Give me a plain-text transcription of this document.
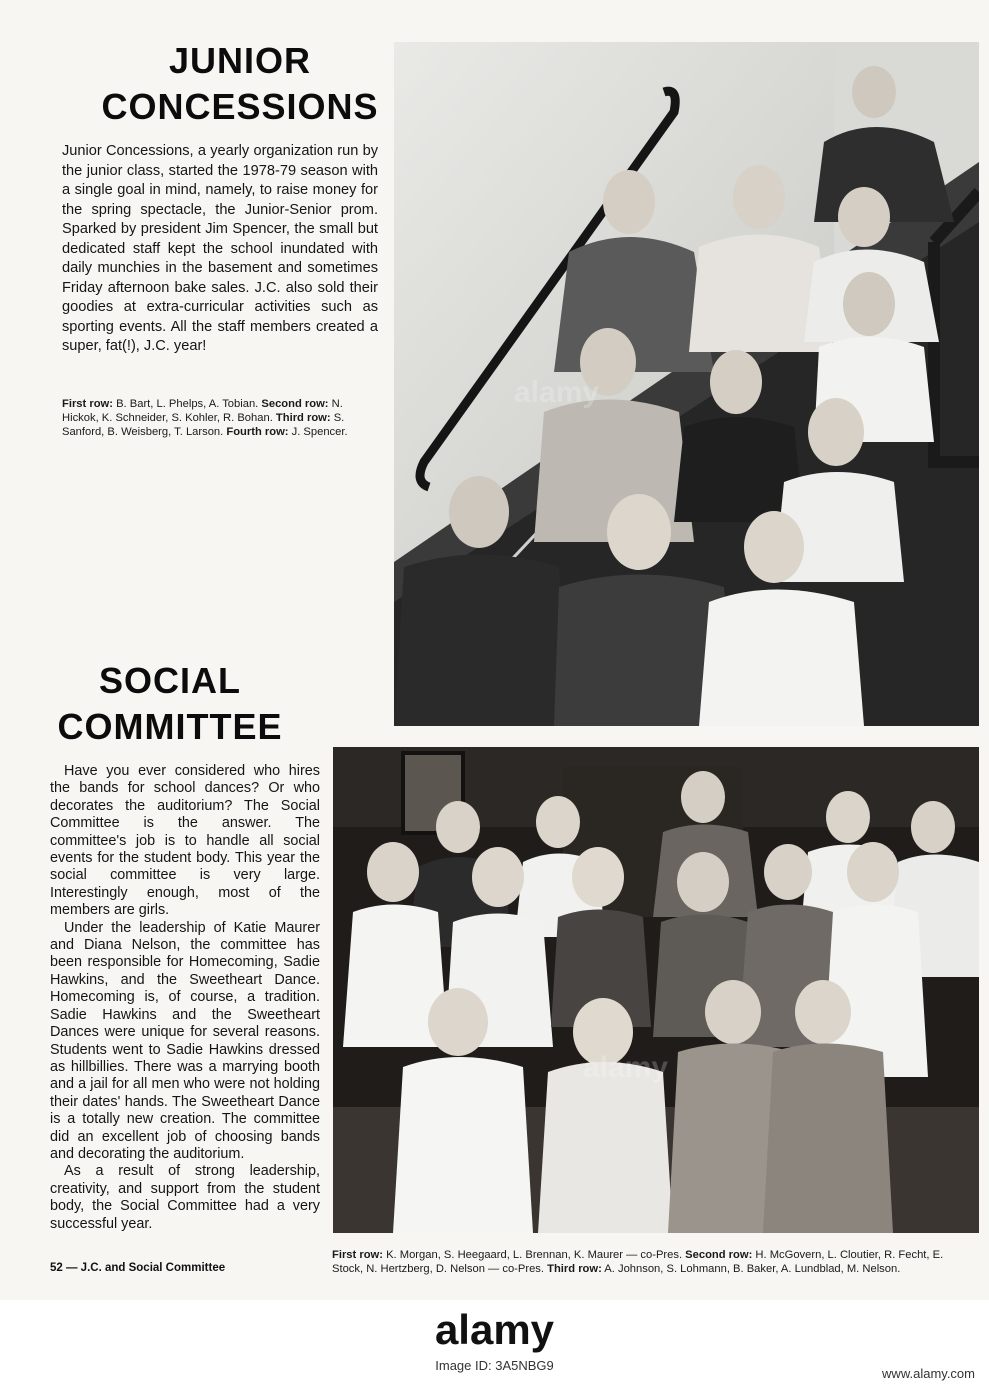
JUNIOR
CONCESSIONS

Junior Concessions, a yearly organization run by the junior class, started the 1978-79 season with a single goal in mind, namely, to raise money for the spring spectacle, the Junior-Senior prom. Sparked by president Jim Spencer, the small but dedicated staff kept the school inundated with daily munchies in the basement and sometimes Friday afternoon bake sales. J.C. also sold their goodies at extra-curricular activities such as sporting events. All the staff members created a super, fat(!), J.C. year!

First row: B. Bart, L. Phelps, A. Tobian. Second row: N. Hickok, K. Schneider, S. Kohler, R. Bohan. Third row: S. Sanford, B. Weisberg, T. Larson. Fourth row: J. Spencer.

alamy
SOCIAL
COMMITTEE

Have you ever considered who hires the bands for school dances? Or who decorates the auditorium? The Social Committee is the answer. The committee's job is to handle all social events for the student body. This year the social committee is very large. Interestingly enough, most of the members are girls.

Under the leadership of Katie Maurer and Diana Nelson, the committee has been responsible for Homecoming, Sadie Hawkins, and the Sweetheart Dance. Homecoming is, of course, a tradition. Sadie Hawkins and the Sweetheart Dances were unique for several reasons. Students went to Sadie Hawkins dressed as hillbillies. There was a marrying booth and a jail for all men who were not holding their dates' hands. The Sweetheart Dance is a totally new creation. The committee did an excellent job of choosing bands and decorating the auditorium.

As a result of strong leadership, creativity, and support from the student body, the Social Committee had a very successful year.

alamy

First row: K. Morgan, S. Heegaard, L. Brennan, K. Maurer — co-Pres. Second row: H. McGovern, L. Cloutier, R. Fecht, E. Stock, N. Hertzberg, D. Nelson — co-Pres. Third row: A. Johnson, S. Lohmann, B. Baker, A. Lundblad, M. Nelson.

52 — J.C. and Social Committee

alamy

Image ID: 3A5NBG9

www.alamy.com
